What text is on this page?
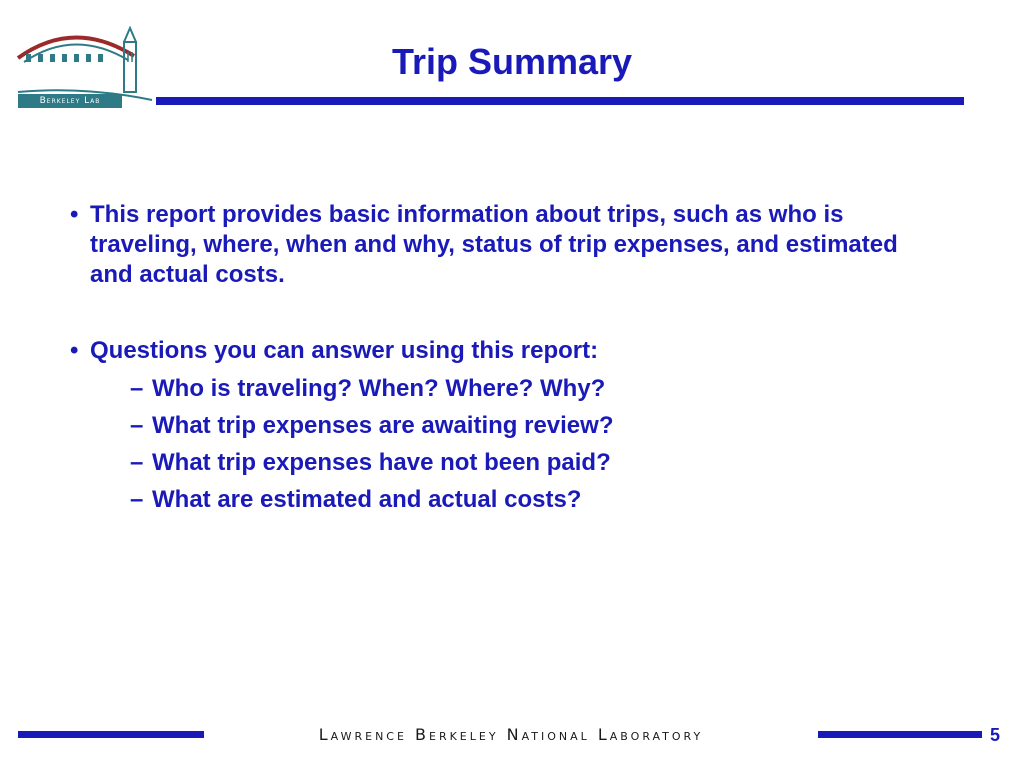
Berkeley Lab
Trip Summary

• This report provides basic information about trips, such as who is traveling, where, when and why, status of trip expenses, and estimated and actual costs.

• Questions you can answer using this report:
– Who is traveling? When? Where? Why?
– What trip expenses are awaiting review?
– What trip expenses have not been paid?
– What are estimated and actual costs?
Lawrence Berkeley National Laboratory	5
